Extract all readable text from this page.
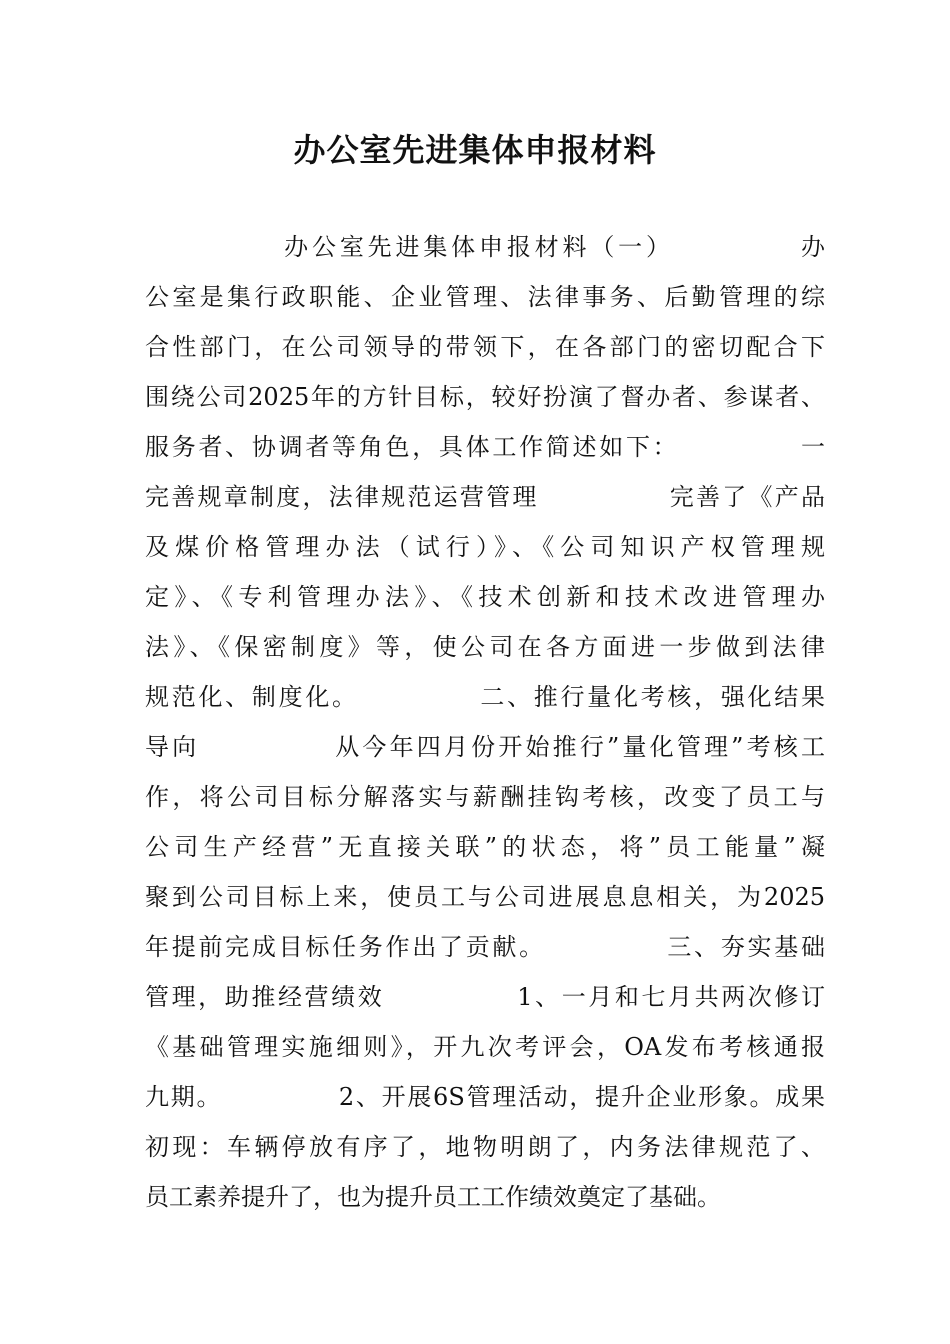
办公室先进集体申报材料
　　　　　办公室先进集体申报材料（一）　　　　　办
公室是集行政职能、企业管理、法律事务、后勤管理的综
合性部门，在公司领导的带领下，在各部门的密切配合下
围绕公司2025年的方针目标，较好扮演了督办者、参谋者、
服务者、协调者等角色，具体工作简述如下：　　　　　一
完善规章制度，法律规范运营管理　　　　　完善了《产品
及煤价格管理办法（试行）》、《公司知识产权管理规
定》、《专利管理办法》、《技术创新和技术改进管理办
法》、《保密制度》等，使公司在各方面进一步做到法律
规范化、制度化。　　　　　二、推行量化考核，强化结果
导向　　　　　从今年四月份开始推行”量化管理”考核工
作，将公司目标分解落实与薪酬挂钩考核，改变了员工与
公司生产经营”无直接关联”的状态，将”员工能量”凝
聚到公司目标上来，使员工与公司进展息息相关，为2025
年提前完成目标任务作出了贡献。　　　　　三、夯实基础
管理，助推经营绩效　　　　　1、一月和七月共两次修订
《基础管理实施细则》，开九次考评会，OA发布考核通报
九期。　　　　　2、开展6S管理活动，提升企业形象。成果
初现：车辆停放有序了，地物明朗了，内务法律规范了、
员工素养提升了，也为提升员工工作绩效奠定了基础。
